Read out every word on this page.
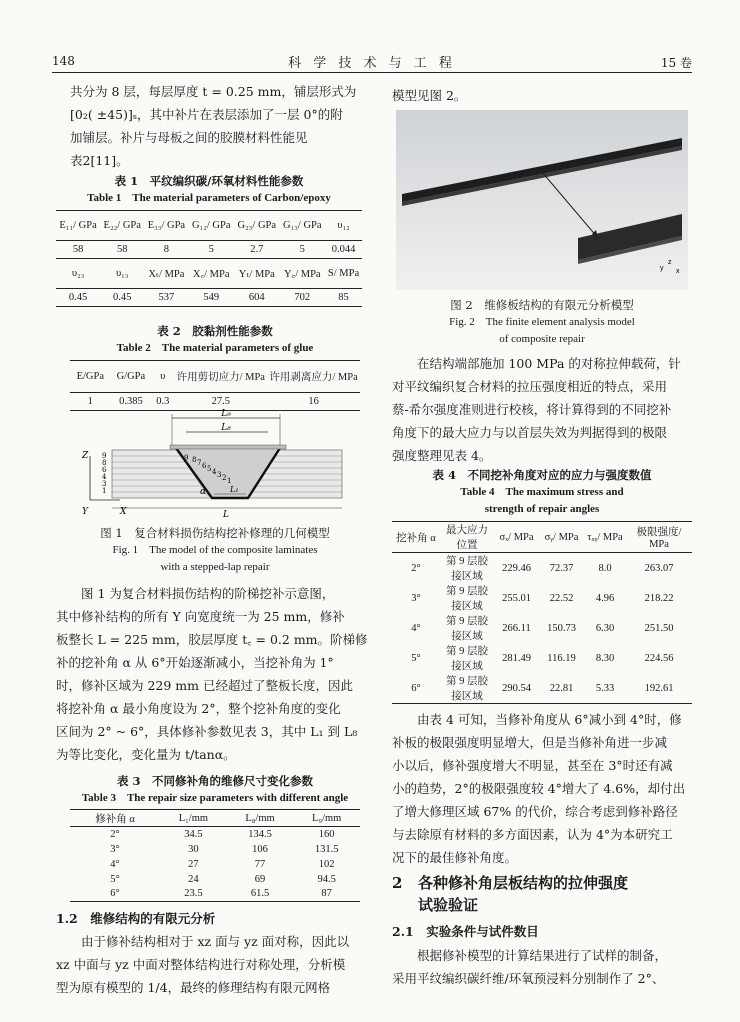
148	科 学 技 术 与 工 程	15 卷

共分为 8 层，每层厚度 t = 0.25 mm，铺层形式为

[0₂( ±45)]ₛ，其中补片在表层添加了一层 0°的附

加铺层。补片与母板之间的胶膜材料性能见

表2[11]。

表 1　平纹编织碳/环氧材料性能参数
Table 1　The material parameters of Carbon/epoxy
E₁₁/ GPa	E₂₂/ GPa	E₃₃/ GPa	G₁₂/ GPa	G₂₃/ GPa	G₁₃/ GPa	υ₁₂
58	58	8	5	2.7	5	0.044
υ₂₃	υ₁₃	Xₜ/ MPa	X꜀/ MPa	Yₜ/ MPa	Y꜀/ MPa	S/ MPa
0.45	0.45	537	549	604	702	85
表 2　胶黏剂性能参数
Table 2　The material parameters of glue
E/GPa	G/GPa	υ	许用剪切应力/ MPa	许用剥离应力/ MPa
1	0.385	0.3	27.5	16
L₉
L₈
9 8 7 6 5 4 3 2 1
9
8
6
4
3
1	α	L₁
L
Z
Y	X
图 1　复合材料损伤结构挖补修理的几何模型
Fig. 1　The model of the composite laminates
with a stepped-lap repair

图 1 为复合材料损伤结构的阶梯挖补示意图，

其中修补结构的所有 Y 向宽度统一为 25 mm，修补

板整长 L = 225 mm，胶层厚度 t꜀ = 0.2 mm。阶梯修

补的挖补角 α 从 6°开始逐渐减小，当挖补角为 1°

时，修补区域为 229 mm 已经超过了整板长度，因此

将挖补角 α 最小角度设为 2°，整个挖补角度的变化

区间为 2° ~ 6°，具体修补参数见表 3，其中 L₁ 到 L₈

为等比变化，变化量为 t/tanα。

表 3　不同修补角的维修尺寸变化参数
Table 3　The repair size parameters with different angle
修补角 α	L₁/mm	L₈/mm	L₉/mm
2°	34.5	134.5	160
3°	30	106	131.5
4°	27	77	102
5°	24	69	94.5
6°	23.5	61.5	87
1.2　维修结构的有限元分析

由于修补结构相对于 xz 面与 yz 面对称，因此以

xz 中面与 yz 中面对整体结构进行对称处理，分析模

型为原有模型的 1/4，最终的修理结构有限元网格

模型见图 2。

y
z
x
图 2　维修板结构的有限元分析模型
Fig. 2　The finite element analysis model
of composite repair

在结构端部施加 100 MPa 的对称拉伸载荷，针

对平纹编织复合材料的拉压强度相近的特点，采用

蔡-希尔强度准则进行校核，将计算得到的不同挖补

角度下的最大应力与以首层失效为判据得到的极限

强度整理见表 4。

表 4　不同挖补角度对应的应力与强度数值
Table 4　The maximum stress and
strength of repair angles
挖补角 α	最大应力 位置	σₓ/ MPa	σᵧ/ MPa	τₓᵧ/ MPa	极限强度/ MPa
2°	第 9 层胶 接区域	229.46	72.37	8.0	263.07
3°	第 9 层胶 接区域	255.01	22.52	4.96	218.22
4°	第 9 层胶 接区域	266.11	150.73	6.30	251.50
5°	第 9 层胶 接区域	281.49	116.19	8.30	224.56
6°	第 9 层胶 接区域	290.54	22.81	5.33	192.61

由表 4 可知，当修补角度从 6°减小到 4°时，修

补板的极限强度明显增大，但是当修补角进一步减

小以后，修补强度增大不明显，甚至在 3°时还有减

小的趋势，2°的极限强度较 4°增大了 4.6%，却付出

了增大修理区域 67% 的代价，综合考虑到修补路径

与去除原有材料的多方面因素，认为 4°为本研究工

况下的最佳修补角度。

2	各种修补角层板结构的拉伸强度
试验验证
2.1　实验条件与试件数目

根据修补模型的计算结果进行了试样的制备，

采用平纹编织碳纤维/环氧预浸料分别制作了 2°、
